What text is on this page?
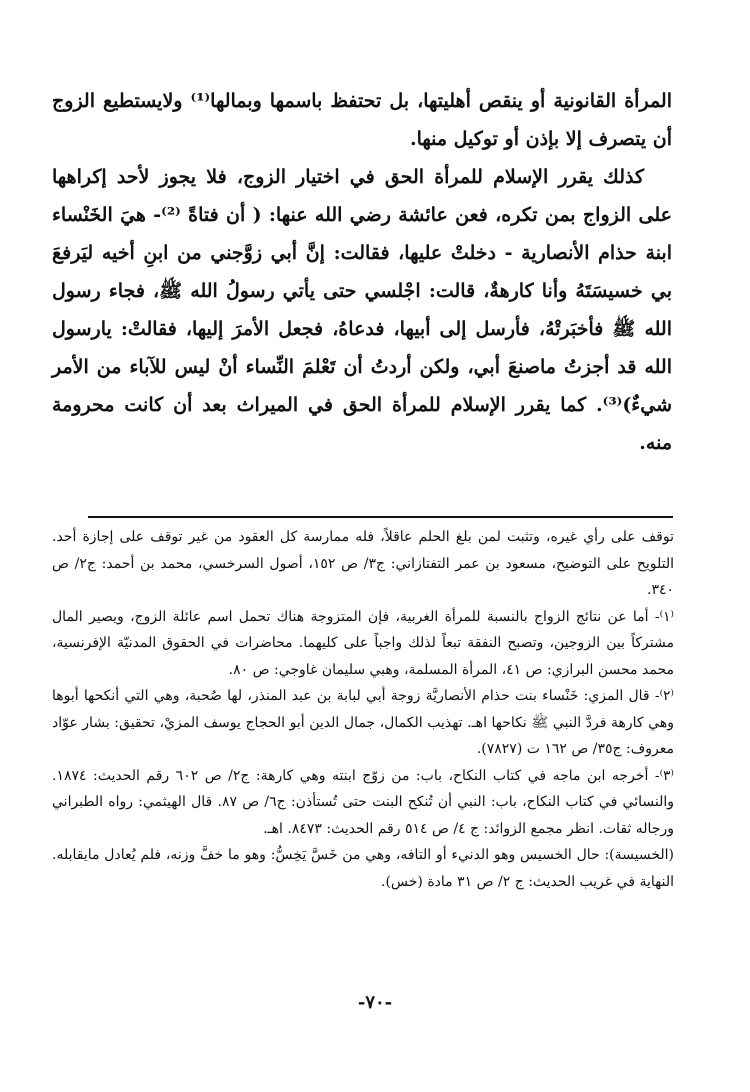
المرأة القانونية أو ينقص أهليتها، بل تحتفظ باسمها وبمالها⁽¹⁾ ولايستطيع الزوج أن يتصرف إلا بإذن أو توكيل منها.

كذلك يقرر الإسلام للمرأة الحق في اختيار الزوج، فلا يجوز لأحد إكراهها على الزواج بمن تكره، فعن عائشة رضي الله عنها: ( أن فتاةً ⁽²⁾- هيَ الخَنْساء ابنة حذام الأنصارية - دخلتْ عليها، فقالت: إنَّ أبي زوَّجني من ابنِ أخيه ليَرفعَ بي خسيسَتَهُ وأنا كارهةٌ، قالت: اجْلسي حتى يأتي رسولُ الله ﷺ، فجاء رسول الله ﷺ فأخبَرتْهُ، فأرسل إلى أبيها، فدعاهُ، فجعل الأمرَ إليها، فقالتْ: يارسول الله قد أجزتُ ماصنعَ أبي، ولكن أردتُ أن تَعْلمَ النِّساء أنْ ليس للآباء من الأمر شيءٌ)⁽³⁾. كما يقرر الإسلام للمرأة الحق في الميراث بعد أن كانت محرومة منه.

توقف على رأي غيره، وتثبت لمن بلغ الحلم عاقلاً، فله ممارسة كل العقود من غير توقف على إجازة أحد. التلويح على التوضيح، مسعود بن عمر التفتازاني: ج٣/ ص ١٥٢، أصول السرخسي، محمد بن أحمد: ج٢/ ص ٣٤٠.

⁽١⁾- أما عن نتائج الزواج بالنسبة للمرأة الغربية، فإن المتزوجة هناك تحمل اسم عائلة الزوج، ويصير المال مشتركاً بين الزوجين، وتصبح النفقة تبعاً لذلك واجباً على كليهما. محاضرات في الحقوق المدنيّة الإفرنسية، محمد محسن البرازي: ص ٤١، المرأة المسلمة، وهبي سليمان غاوجي: ص ٨٠.

⁽٢⁾- قال المزي: خَنْساء بنت حذام الأنصاريَّة زوجة أبي لبابة بن عبد المنذر، لها صُحبة، وهي التي أنكحها أبوها وهي كارهة فردَّ النبي ﷺ نكاحها اهـ. تهذيب الكمال، جمال الدين أبو الحجاج يوسف المزيْ، تحقيق: بشار عوّاد معروف: ج٣٥/ ص ١٦٢ ت (٧٨٢٧).

⁽٣⁾- أخرجه ابن ماجه في كتاب النكاح، باب: من زوّج ابنته وهي كارهة: ج٢/ ص ٦٠٢ رقم الحديث: ١٨٧٤. والنسائي في كتاب النكاح، باب: النبي أن تُنكح البنت حتى تُستأذن: ج٦/ ص ٨٧. قال الهيثمي: رواه الطبراني ورجاله ثقات. انظر مجمع الزوائد: ج ٤/ ص ٥١٤ رقم الحديث: ٨٤٧٣. اهـ.

(الخسيسة): حال الخسيس وهو الدنيء أو التافه، وهي من خَسَّ يَخِسُّ: وهو ما خفَّ وزنه، فلم يُعادل مايقابله. النهاية في غريب الحديث: ج ٢/ ص ٣١ مادة (خس).

-٧٠-
